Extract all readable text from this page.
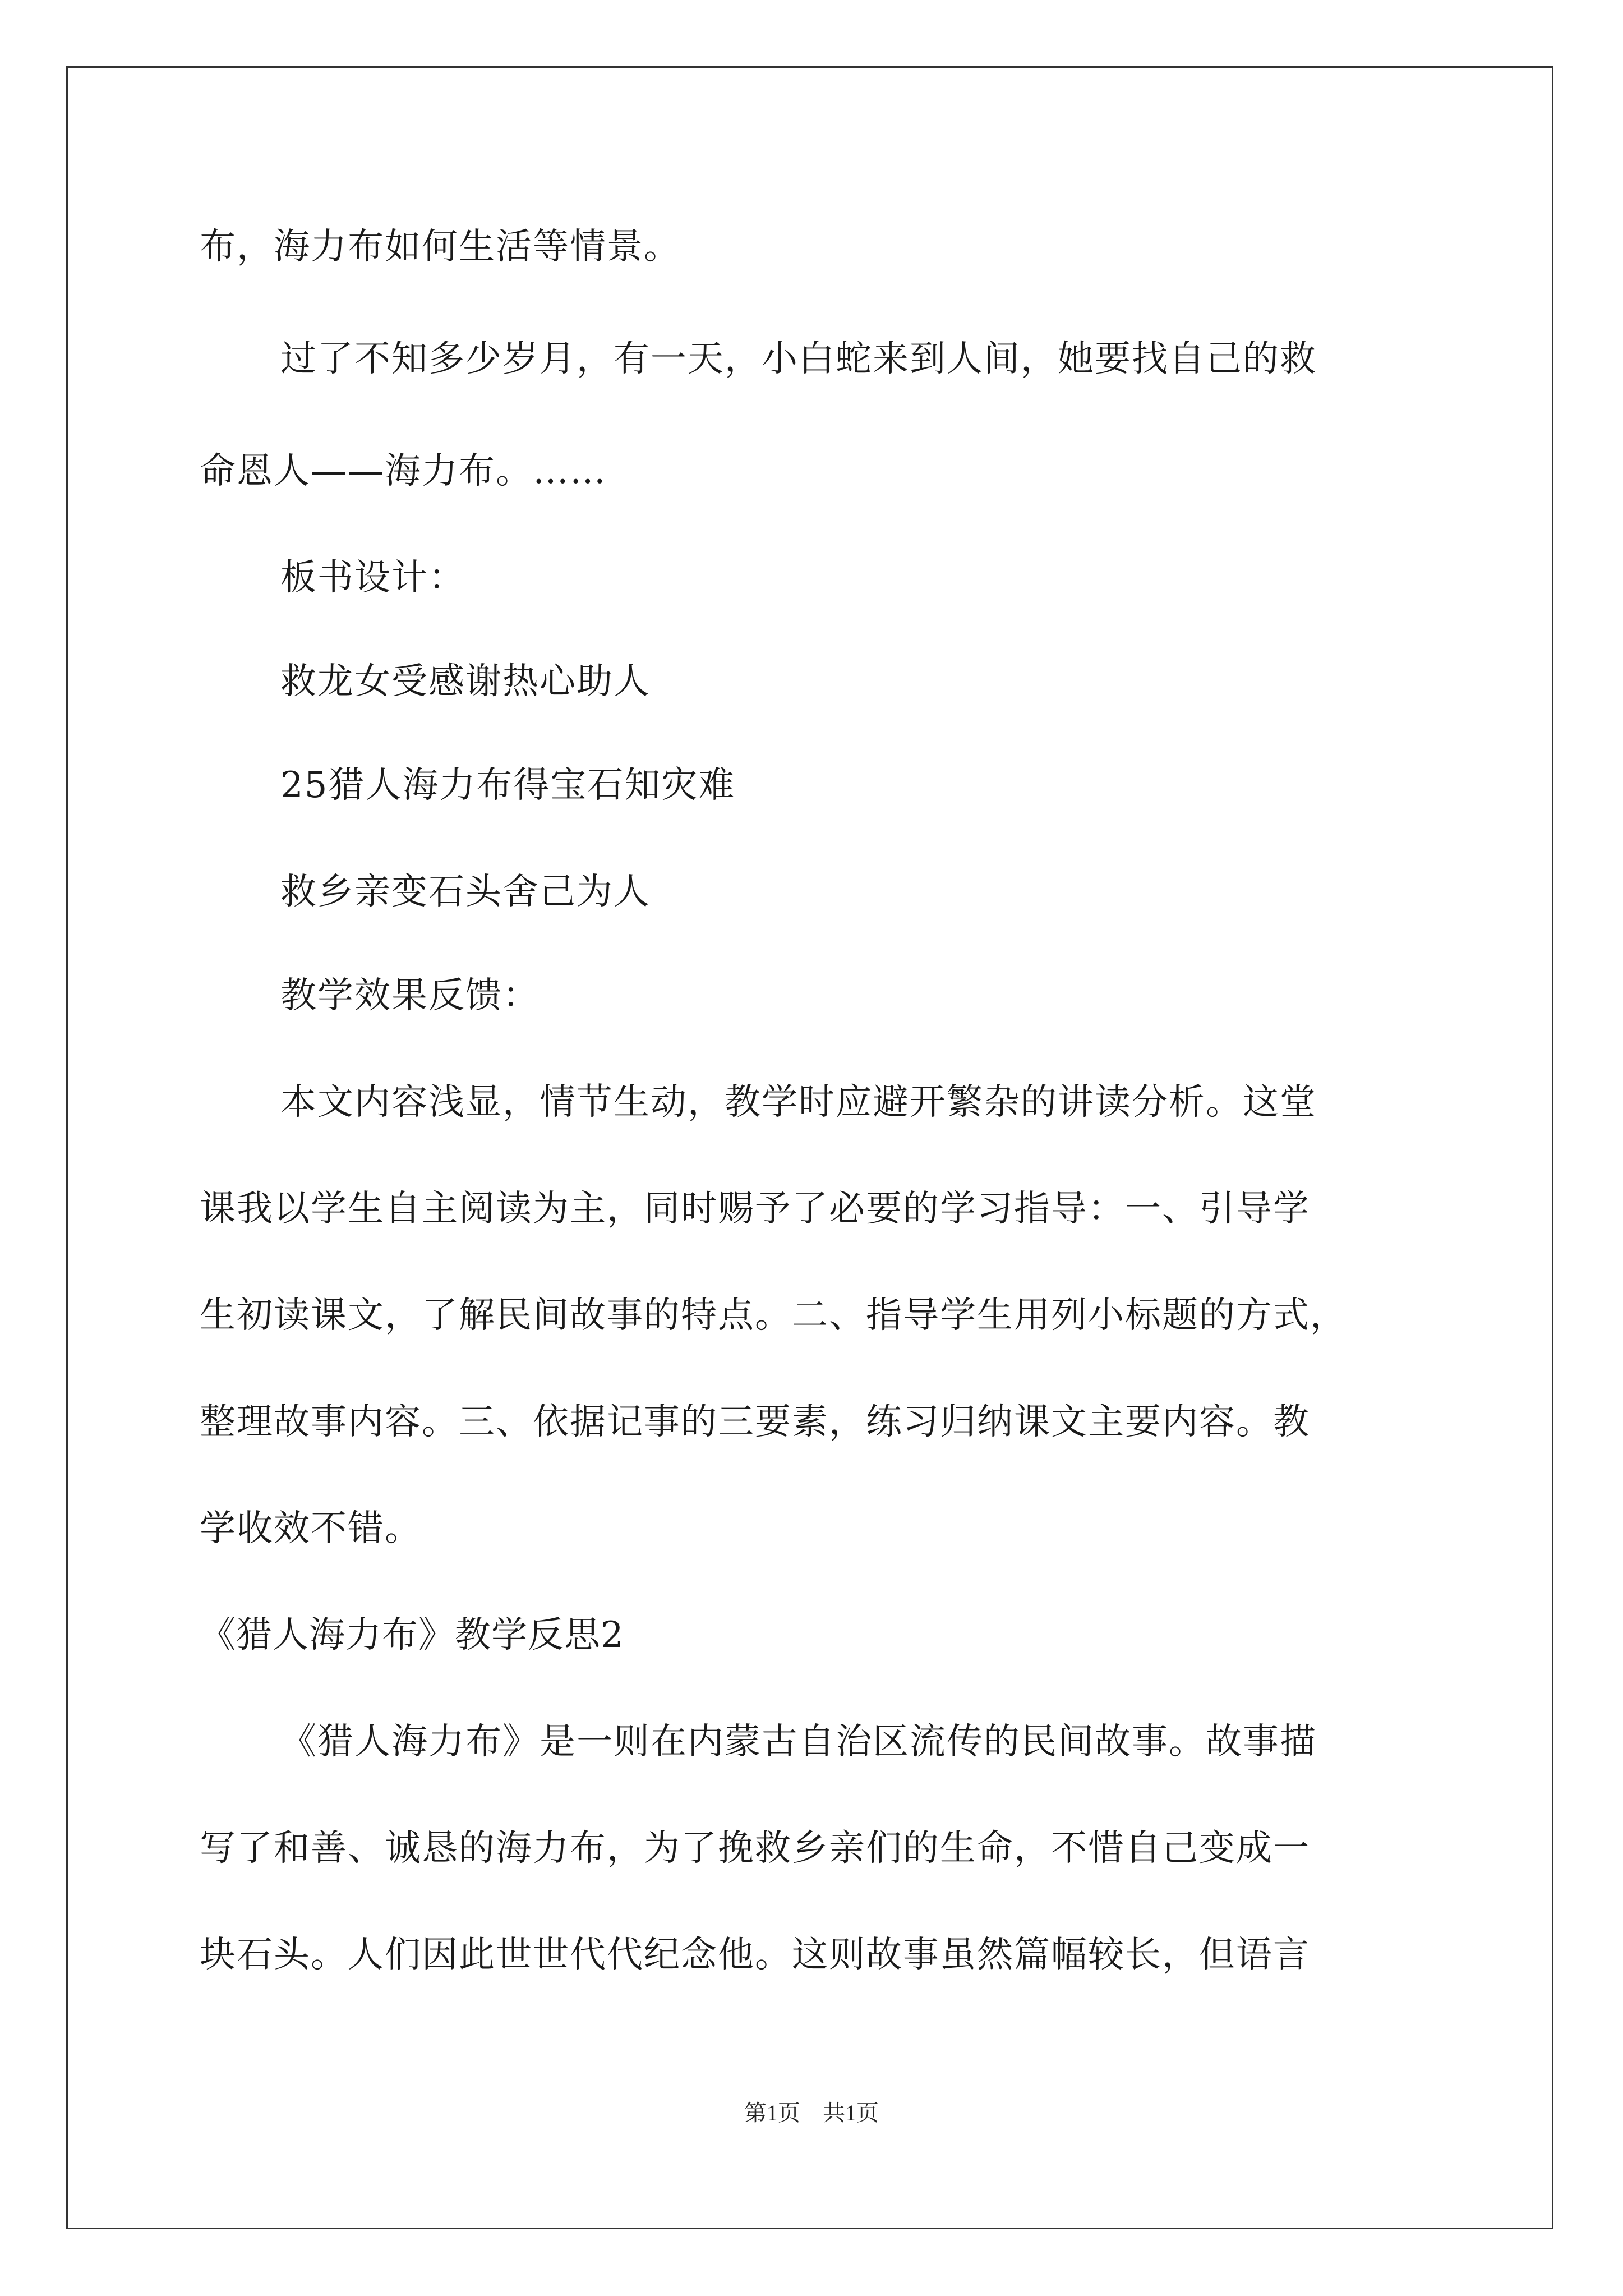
布，海力布如何生活等情景。
过了不知多少岁月，有一天，小白蛇来到人间，她要找自己的救
命恩人——海力布。……
板书设计：
救龙女受感谢热心助人
25猎人海力布得宝石知灾难
救乡亲变石头舍己为人
教学效果反馈：
本文内容浅显，情节生动，教学时应避开繁杂的讲读分析。这堂
课我以学生自主阅读为主，同时赐予了必要的学习指导：一、引导学
生初读课文，了解民间故事的特点。二、指导学生用列小标题的方式，
整理故事内容。三、依据记事的三要素，练习归纳课文主要内容。教
学收效不错。
《猎人海力布》教学反思2
《猎人海力布》是一则在内蒙古自治区流传的民间故事。故事描
写了和善、诚恳的海力布，为了挽救乡亲们的生命，不惜自己变成一
块石头。人们因此世世代代纪念他。这则故事虽然篇幅较长，但语言
第1页　共1页
